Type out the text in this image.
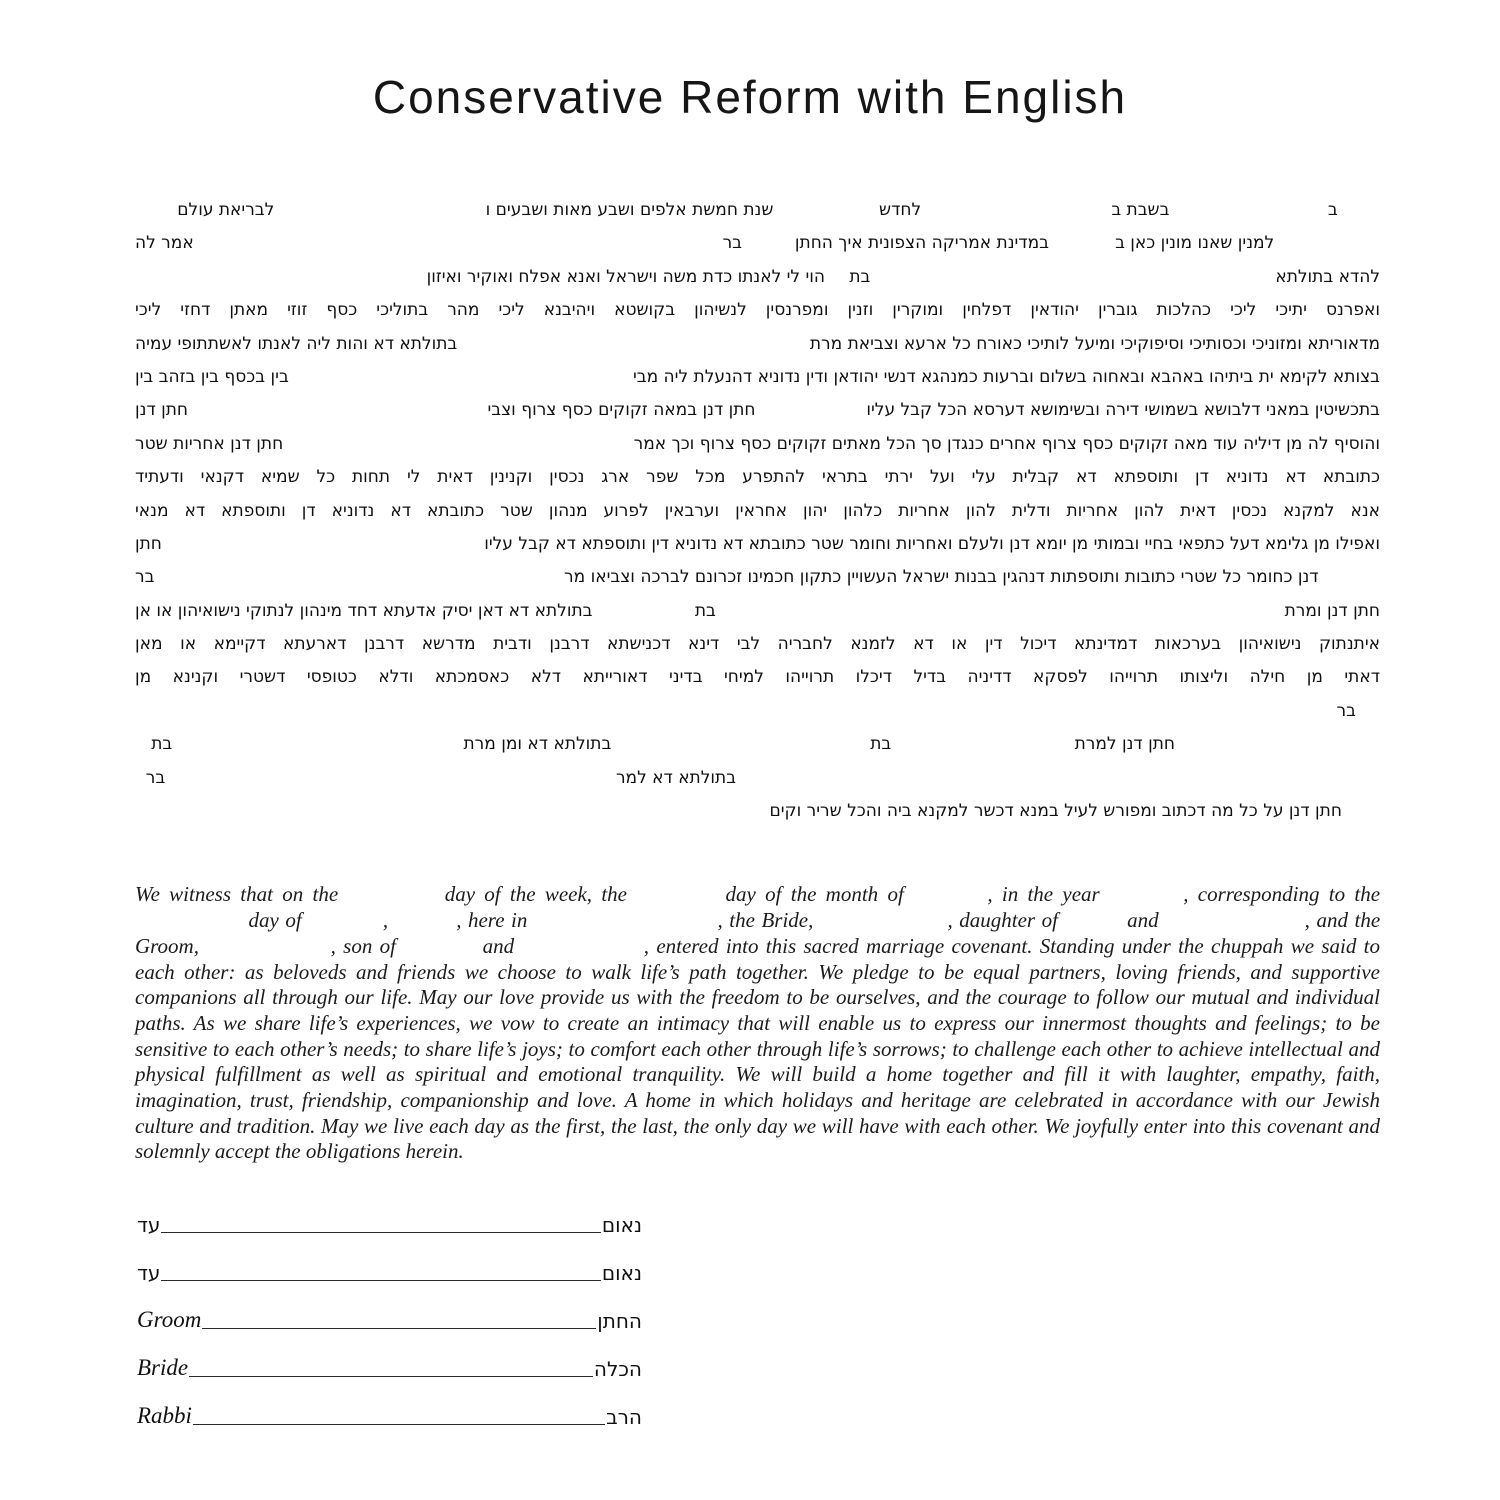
Conservative Reform with English
ב
בשבת ב
לחדש
שנת חמשת אלפים ושבע מאות ושבעים ו
לבריאת עולם
למנין שאנו מונין כאן ב
במדינת אמריקה הצפונית איך החתן
בר
אמר לה
להדא בתולתא
בת
הוי לי לאנתו כדת משה וישראל ואנא אפלח ואוקיר ואיזון
ואפרנס יתיכי ליכי כהלכות גוברין יהודאין דפלחין ומוקרין וזנין ומפרנסין לנשיהון בקושטא ויהיבנא ליכי מהר בתוליכי כסף זוזי מאתן דחזי ליכי
מדאוריתא ומזוניכי וכסותיכי וסיפוקיכי ומיעל לותיכי כאורח כל ארעא וצביאת מרת
בתולתא דא והות ליה לאנתו לאשתתופי עמיה
בצותא לקימא ית ביתיהו באהבא ובאחוה בשלום וברעות כמנהגא דנשי יהודאן ודין נדוניא דהנעלת ליה מבי
בין בכסף בין בזהב בין
בתכשיטין במאני דלבושא בשמושי דירה ובשימושא דערסא הכל קבל עליו
חתן דנן במאה זקוקים כסף צרוף וצבי
חתן דנן
והוסיף לה מן דיליה עוד מאה זקוקים כסף צרוף אחרים כנגדן סך הכל מאתים זקוקים כסף צרוף וכך אמר
חתן דנן אחריות שטר
כתובתא דא נדוניא דן ותוספתא דא קבלית עלי ועל ירתי בתראי להתפרע מכל שפר ארג נכסין וקנינין דאית לי תחות כל שמיא דקנאי ודעתיד
אנא למקנא נכסין דאית להון אחריות ודלית להון אחריות כלהון יהון אחראין וערבאין לפרוע מנהון שטר כתובתא דא נדוניא דן ותוספתא דא מנאי
ואפילו מן גלימא דעל כתפאי בחיי ובמותי מן יומא דנן ולעלם ואחריות וחומר שטר כתובתא דא נדוניא דין ותוספתא דא קבל עליו
חתן
דנן כחומר כל שטרי כתובות ותוספתות דנהגין בבנות ישראל העשויין כתקון חכמינו זכרונם לברכה וצביאו מר
בר
חתן דנן ומרת
בת
בתולתא דא דאן יסיק אדעתא דחד מינהון לנתוקי נישואיהון או אן
איתנתוק נישואיהון בערכאות דמדינתא דיכול דין או דא לזמנא לחבריה לבי דינא דכנישתא דרבנן ודבית מדרשא דרבנן דארעתא דקיימא או מאן
דאתי מן חילה וליצותו תרוייהו לפסקא דדיניה בדיל דיכלו תרוייהו למיחי בדיני דאורייתא דלא כאסמכתא ודלא כטופסי דשטרי וקנינא מן
בר
חתן דנן למרת
בת
בתולתא דא ומן מרת
בת
בתולתא דא למר
בר
חתן דנן על כל מה דכתוב ומפורש לעיל במנא דכשר למקנא ביה והכל שריר וקים

We witness that on the	day of the week, the	day of the month of	, in the year	, corresponding to the  day of	,	, here in	, the Bride,	, daughter of	and	, and the Groom,	, son of	and	, entered into this sacred marriage covenant. Standing under the chuppah we said to each other: as beloveds and friends we choose to walk life’s path together. We pledge to be equal partners, loving friends, and supportive companions all through our life. May our love provide us with the freedom to be ourselves, and the courage to follow our mutual and individual paths. As we share life’s experiences, we vow to create an intimacy that will enable us to express our innermost thoughts and feelings; to be sensitive to each other’s needs; to share life’s joys; to comfort each other through life’s sorrows; to challenge each other to achieve intellectual and physical fulfillment as well as spiritual and emotional tranquility. We will build a home together and fill it with laughter, empathy, faith, imagination, trust, friendship, companionship and love. A home in which holidays and heritage are celebrated in accordance with our Jewish culture and tradition. May we live each day as the first, the last, the only day we will have with each other. We joyfully enter into this covenant and solemnly accept the obligations herein.

עד	נאום
עד	נאום
Groom	החתן
Bride	הכלה
Rabbi	הרב
